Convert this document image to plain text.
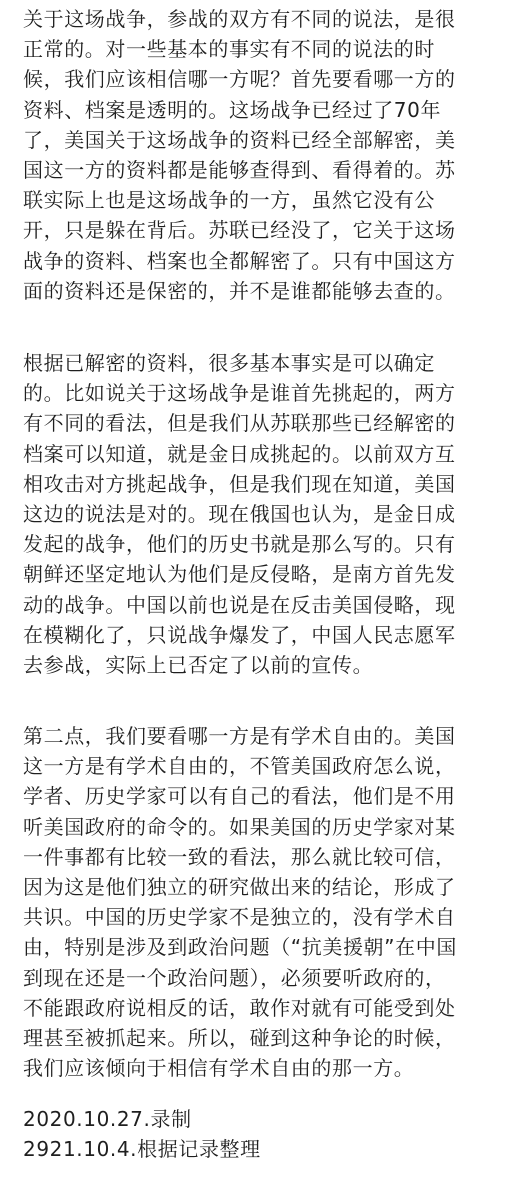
关于这场战争，参战的双方有不同的说法，是很
正常的。对一些基本的事实有不同的说法的时
候，我们应该相信哪一方呢？首先要看哪一方的
资料、档案是透明的。这场战争已经过了70年
了，美国关于这场战争的资料已经全部解密，美
国这一方的资料都是能够查得到、看得着的。苏
联实际上也是这场战争的一方，虽然它没有公
开，只是躲在背后。苏联已经没了，它关于这场
战争的资料、档案也全都解密了。只有中国这方
面的资料还是保密的，并不是谁都能够去查的。

根据已解密的资料，很多基本事实是可以确定
的。比如说关于这场战争是谁首先挑起的，两方
有不同的看法，但是我们从苏联那些已经解密的
档案可以知道，就是金日成挑起的。以前双方互
相攻击对方挑起战争，但是我们现在知道，美国
这边的说法是对的。现在俄国也认为，是金日成
发起的战争，他们的历史书就是那么写的。只有
朝鲜还坚定地认为他们是反侵略，是南方首先发
动的战争。中国以前也说是在反击美国侵略，现
在模糊化了，只说战争爆发了，中国人民志愿军
去参战，实际上已否定了以前的宣传。

第二点，我们要看哪一方是有学术自由的。美国
这一方是有学术自由的，不管美国政府怎么说，
学者、历史学家可以有自己的看法，他们是不用
听美国政府的命令的。如果美国的历史学家对某
一件事都有比较一致的看法，那么就比较可信，
因为这是他们独立的研究做出来的结论，形成了
共识。中国的历史学家不是独立的，没有学术自
由，特别是涉及到政治问题（“抗美援朝”在中国
到现在还是一个政治问题），必须要听政府的，
不能跟政府说相反的话，敢作对就有可能受到处
理甚至被抓起来。所以，碰到这种争论的时候，
我们应该倾向于相信有学术自由的那一方。

2020.10.27.录制
2921.10.4.根据记录整理
